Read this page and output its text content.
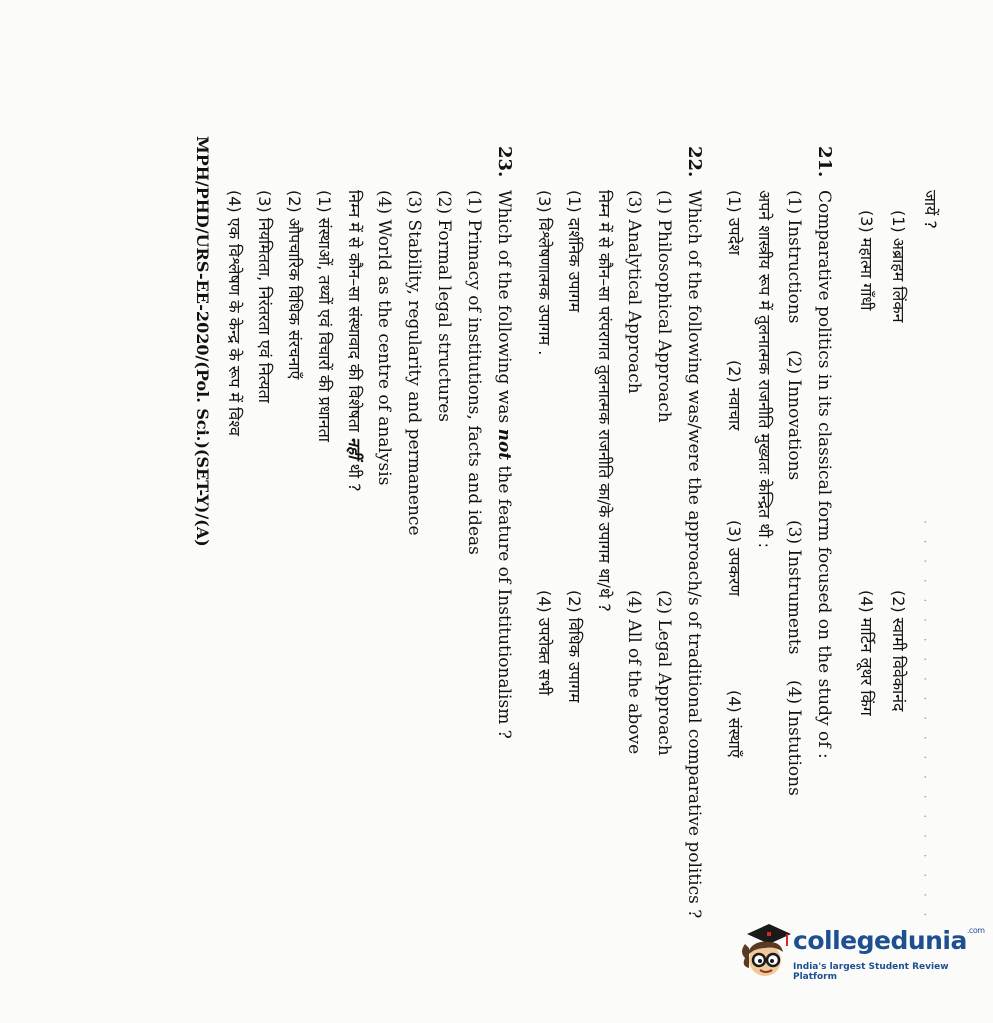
जायें ?
· · · · · · · · · · · · · · · · · · · · ·
(1) अब्राहम लिंकन
(2) स्वामी विवेकानंद
(3) महात्मा गाँधी
(4) मार्टिन लूथर किंग
21.
Comparative politics in its classical form focused on the study of :
(1) Instructions
(2) Innovations
(3) Instruments
(4) Instutions
अपने शास्त्रीय रूप में तुलनात्मक राजनीति मुख्यतः केन्द्रित थी :
(1) उपदेश
(2) नवाचार
(3) उपकरण
(4) संस्थाएँ
22.
Which of the following was/were the approach/s of traditional comparative politics ?
(1) Philosophical Approach
(2) Legal Approach
(3) Analytical Approach
(4) All of the above
निम्न में से कौन–सा परंपरागत तुलनात्मक राजनीति का/के उपागम था/थे ?
(1) दार्शनिक उपागम
(2) विधिक उपागम
(3) विश्लेषणात्मक उपागम .
(4) उपरोक्त सभी
23.
Which of the following was not the feature of Institutionalism ?
(1) Primacy of institutions, facts and ideas
(2) Formal legal structures
(3) Stability, regularity and permanence
(4) World as the centre of analysis
निम्न में से कौन–सा संस्थावाद की विशेषता नहीं थी ?
(1) संस्थाओं, तथ्यों एवं विचारों की प्रधानता
(2) औपचारिक विधिक संरचनाएँ
(3) नियमितता, निरंतरता एवं नित्यता
(4) एक विश्लेषण के केन्द्र के रूप में विश्व
MPH/PHD/URS-EE-2020/(Pol. Sci.)(SET-Y)/(A)
collegedunia$^{.com}$
India's largest Student Review Platform
